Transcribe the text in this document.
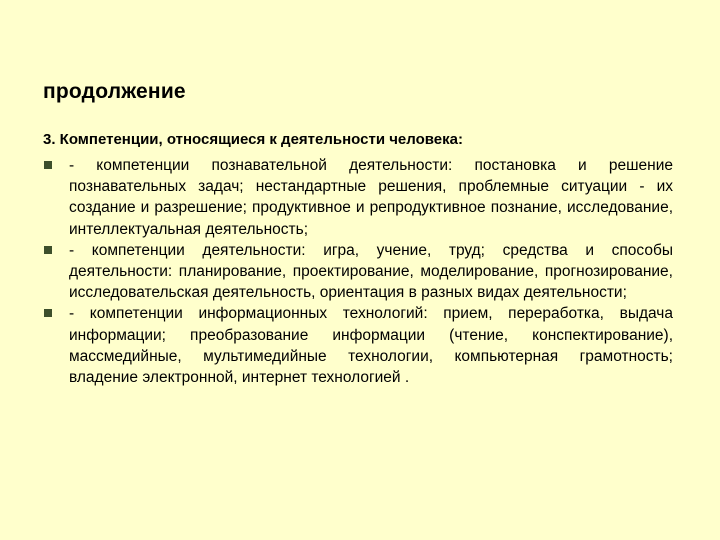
продолжение
3. Компетенции, относящиеся к деятельности человека:
- компетенции познавательной деятельности: постановка и решение познавательных задач; нестандартные решения, проблемные ситуации - их создание и разрешение; продуктивное и репродуктивное познание, исследование, интеллектуальная деятельность;
- компетенции деятельности: игра, учение, труд; средства и способы деятельности: планирование, проектирование, моделирование, прогнозирование, исследовательская деятельность, ориентация в разных видах деятельности;
- компетенции информационных технологий: прием, переработка, выдача информации; преобразование информации (чтение, конспектирование), массмедийные, мультимедийные технологии, компьютерная грамотность; владение электронной, интернет технологией .
